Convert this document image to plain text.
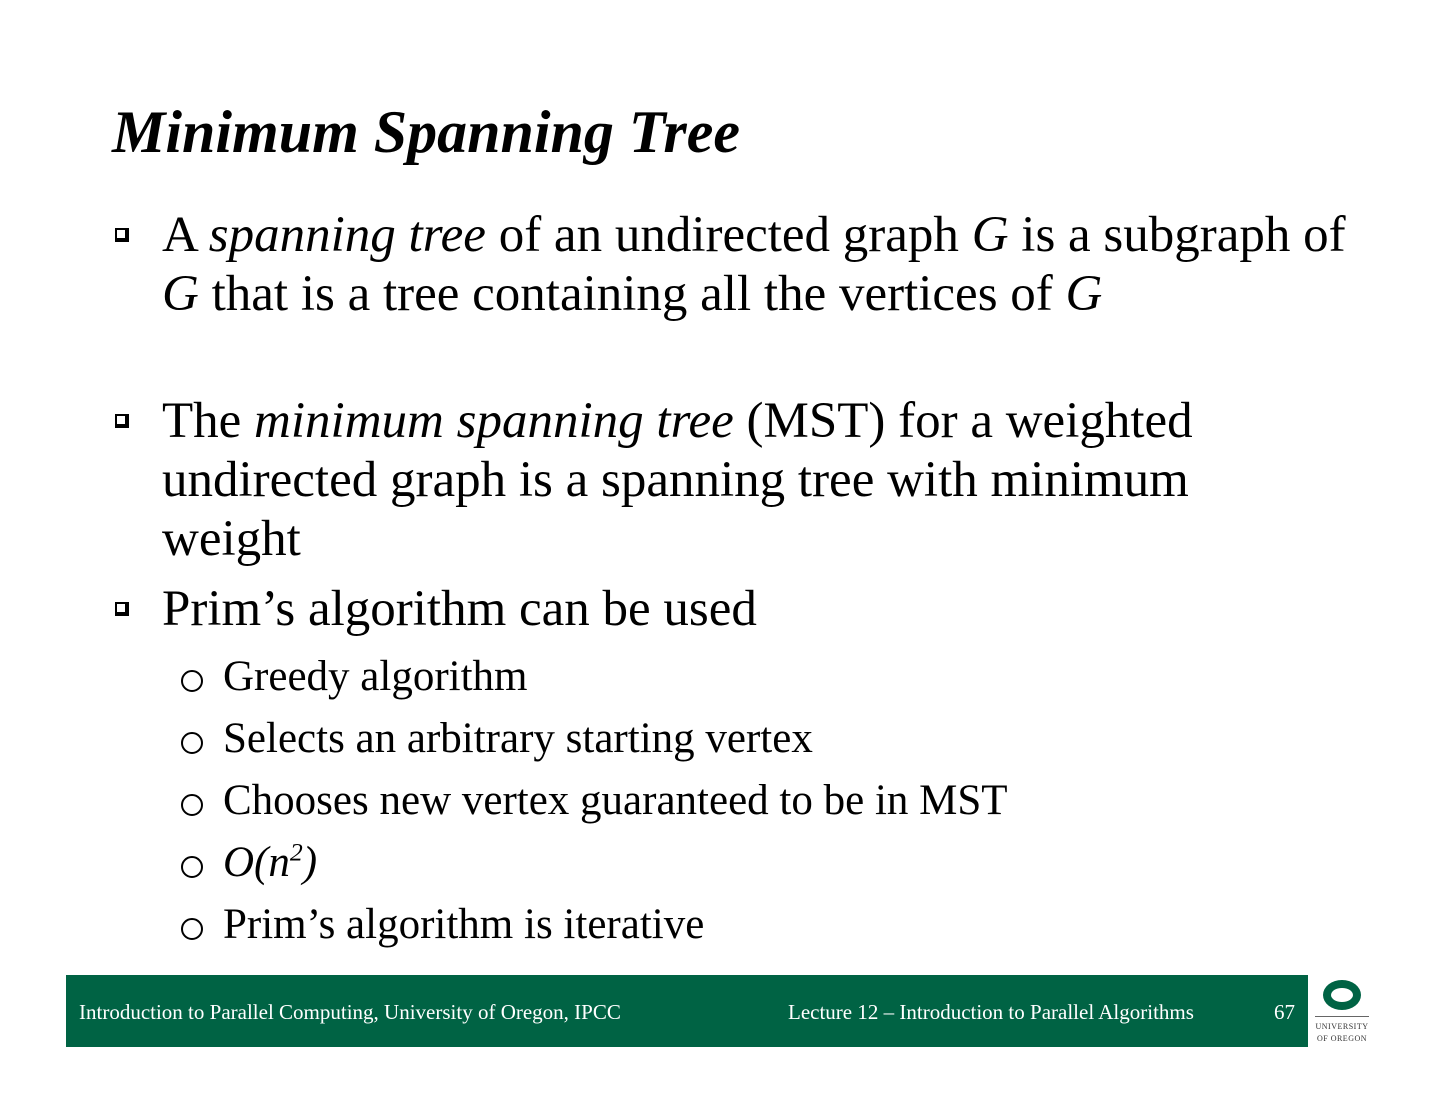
Minimum Spanning Tree
A spanning tree of an undirected graph G is a subgraph of G that is a tree containing all the vertices of G
The minimum spanning tree (MST) for a weighted undirected graph is a spanning tree with minimum weight
Prim’s algorithm can be used
Greedy algorithm
Selects an arbitrary starting vertex
Chooses new vertex guaranteed to be in MST
$O(n^2)$
Prim’s algorithm is iterative
Introduction to Parallel Computing, University of Oregon, IPCC	Lecture 12 – Introduction to Parallel Algorithms	67
UNIVERSITY
OF OREGON
